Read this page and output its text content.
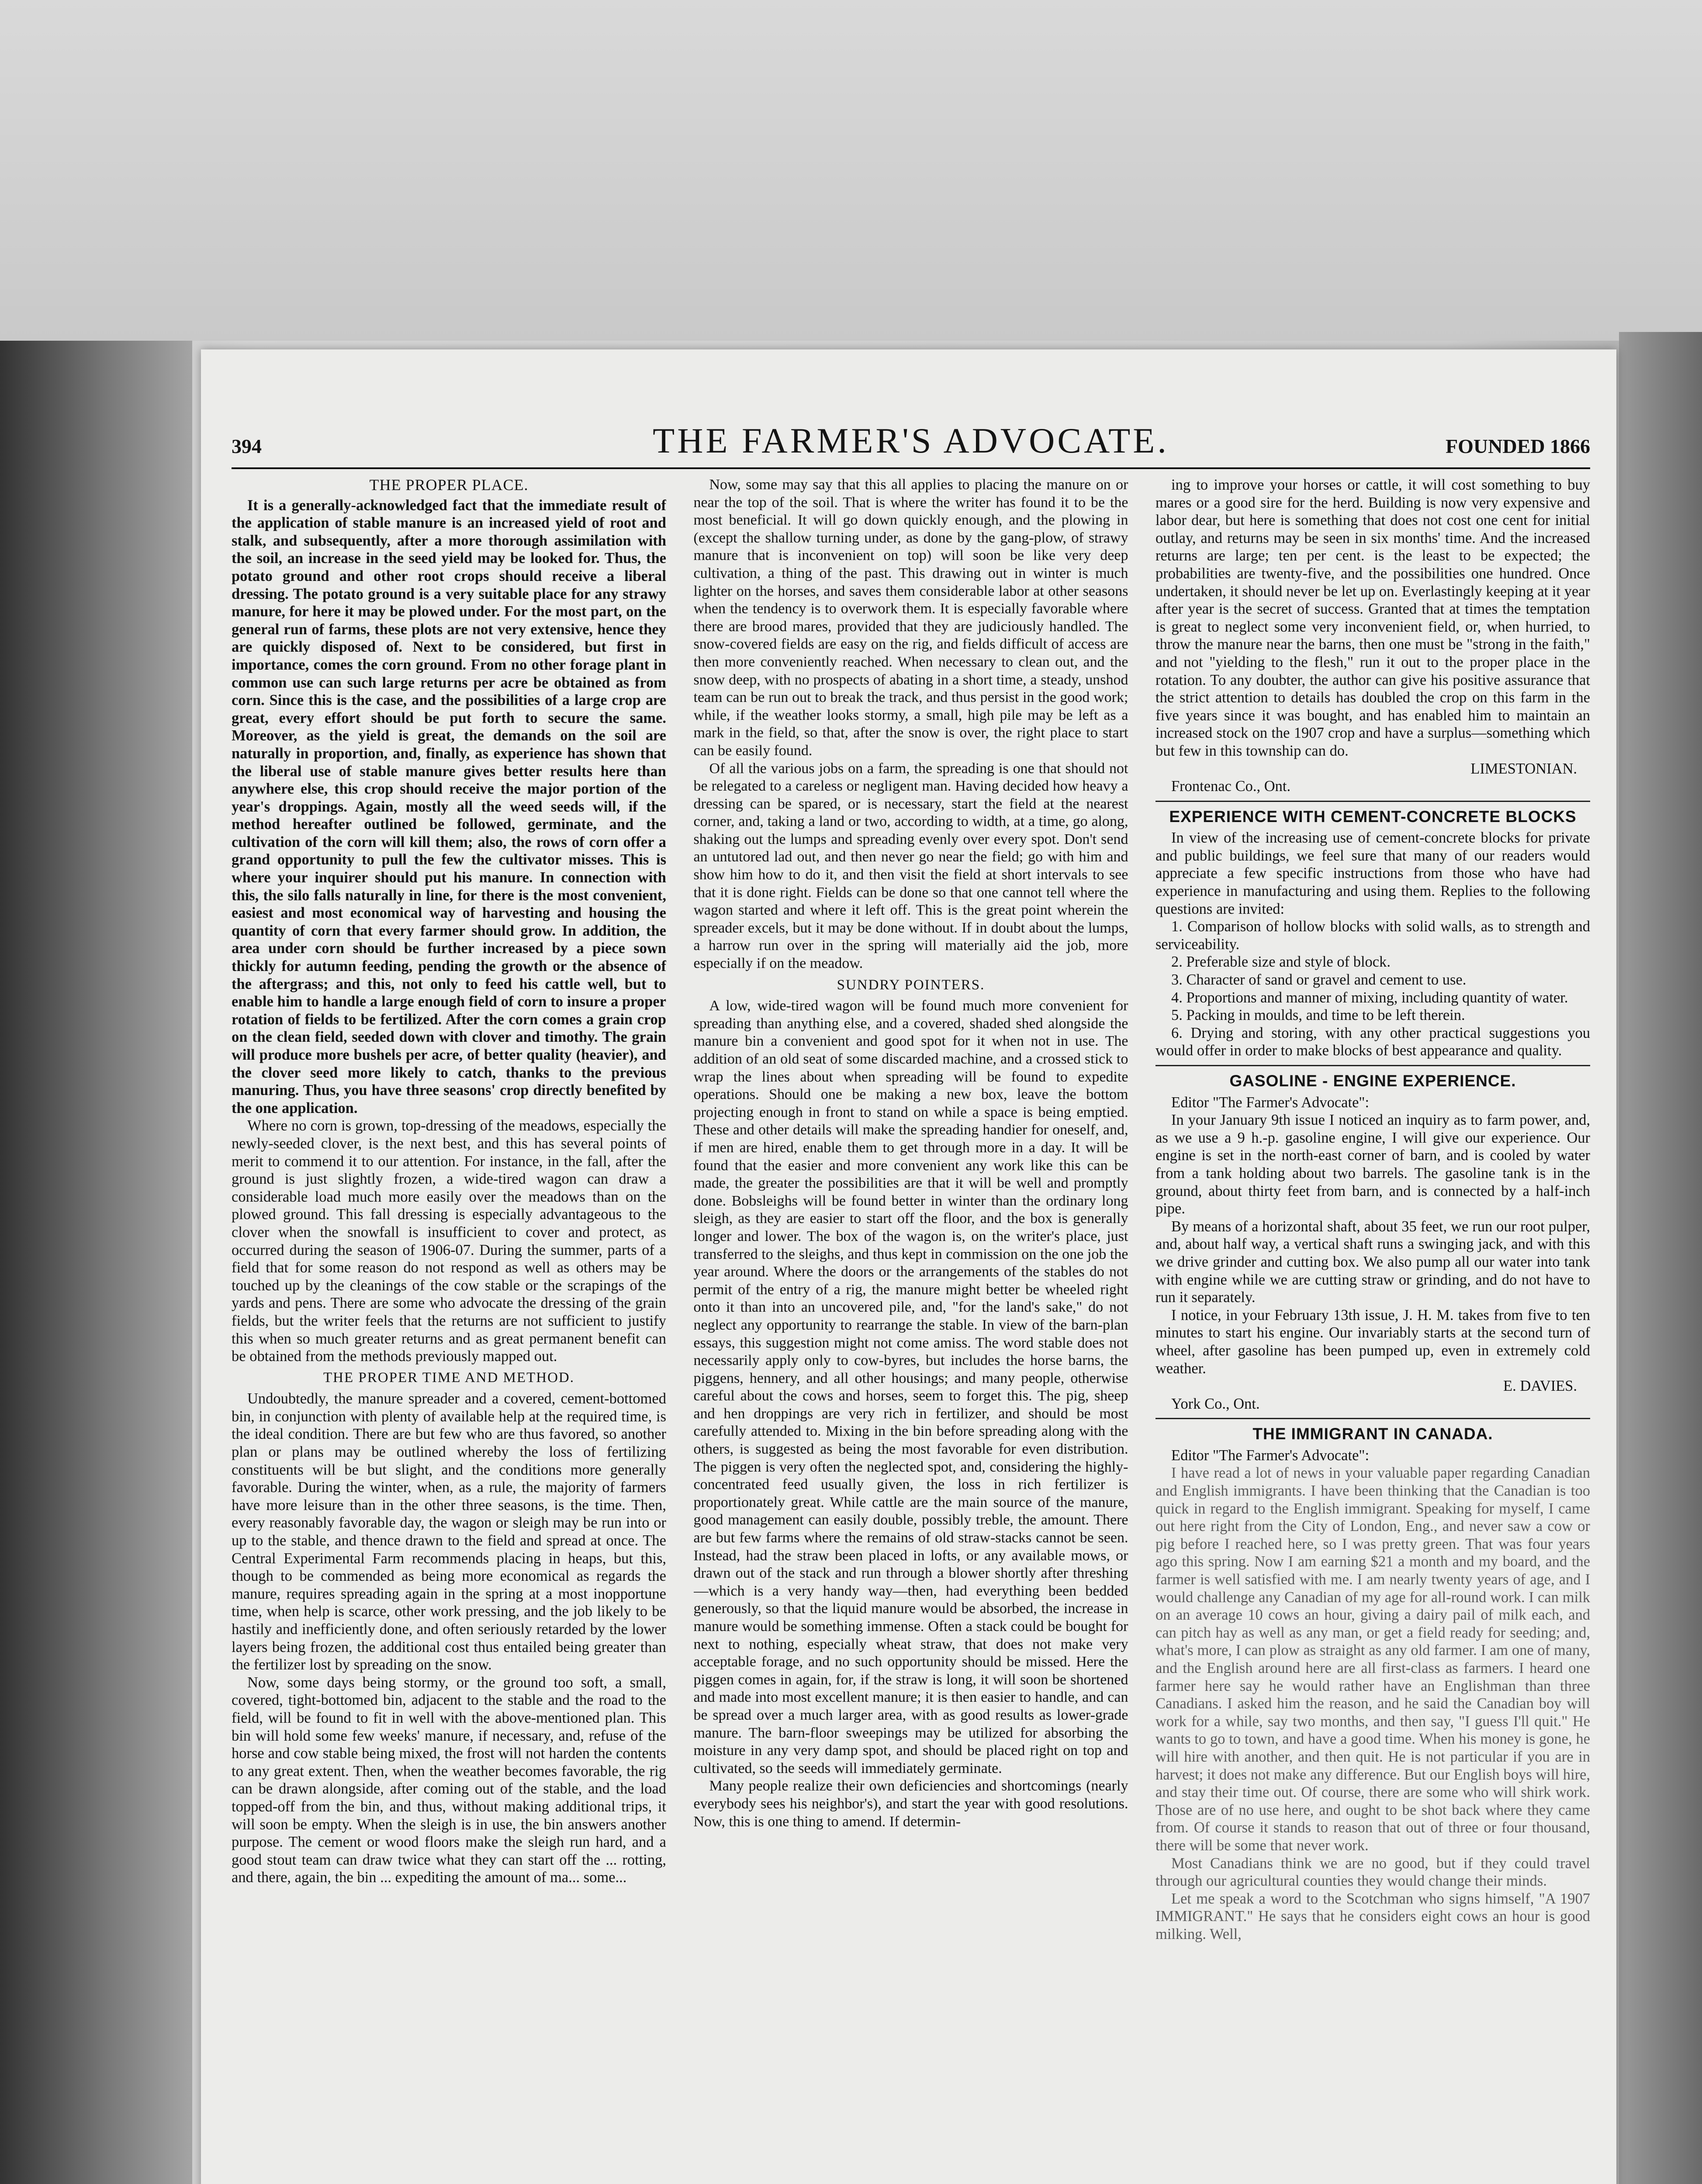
394	THE FARMER'S ADVOCATE.	FOUNDED 1866
THE PROPER PLACE.

It is a generally-acknowledged fact that the immediate result of the application of stable manure is an increased yield of root and stalk, and subsequently, after a more thorough assimilation with the soil, an increase in the seed yield may be looked for. Thus, the potato ground and other root crops should receive a liberal dressing. The potato ground is a very suitable place for any strawy manure, for here it may be plowed under. For the most part, on the general run of farms, these plots are not very extensive, hence they are quickly disposed of. Next to be considered, but first in importance, comes the corn ground. From no other forage plant in common use can such large returns per acre be obtained as from corn. Since this is the case, and the possibilities of a large crop are great, every effort should be put forth to secure the same. Moreover, as the yield is great, the demands on the soil are naturally in proportion, and, finally, as experience has shown that the liberal use of stable manure gives better results here than anywhere else, this crop should receive the major portion of the year's droppings. Again, mostly all the weed seeds will, if the method hereafter outlined be followed, germinate, and the cultivation of the corn will kill them; also, the rows of corn offer a grand opportunity to pull the few the cultivator misses. This is where your inquirer should put his manure. In connection with this, the silo falls naturally in line, for there is the most convenient, easiest and most economical way of harvesting and housing the quantity of corn that every farmer should grow. In addition, the area under corn should be further increased by a piece sown thickly for autumn feeding, pending the growth or the absence of the aftergrass; and this, not only to feed his cattle well, but to enable him to handle a large enough field of corn to insure a proper rotation of fields to be fertilized. After the corn comes a grain crop on the clean field, seeded down with clover and timothy. The grain will produce more bushels per acre, of better quality (heavier), and the clover seed more likely to catch, thanks to the previous manuring. Thus, you have three seasons' crop directly benefited by the one application.

Where no corn is grown, top-dressing of the meadows, especially the newly-seeded clover, is the next best, and this has several points of merit to commend it to our attention. For instance, in the fall, after the ground is just slightly frozen, a wide-tired wagon can draw a considerable load much more easily over the meadows than on the plowed ground. This fall dressing is especially advantageous to the clover when the snowfall is insufficient to cover and protect, as occurred during the season of 1906-07. During the summer, parts of a field that for some reason do not respond as well as others may be touched up by the cleanings of the cow stable or the scrapings of the yards and pens. There are some who advocate the dressing of the grain fields, but the writer feels that the returns are not sufficient to justify this when so much greater returns and as great permanent benefit can be obtained from the methods previously mapped out.

THE PROPER TIME AND METHOD.

Undoubtedly, the manure spreader and a covered, cement-bottomed bin, in conjunction with plenty of available help at the required time, is the ideal condition. There are but few who are thus favored, so another plan or plans may be outlined whereby the loss of fertilizing constituents will be but slight, and the conditions more generally favorable. During the winter, when, as a rule, the majority of farmers have more leisure than in the other three seasons, is the time. Then, every reasonably favorable day, the wagon or sleigh may be run into or up to the stable, and thence drawn to the field and spread at once. The Central Experimental Farm recommends placing in heaps, but this, though to be commended as being more economical as regards the manure, requires spreading again in the spring at a most inopportune time, when help is scarce, other work pressing, and the job likely to be hastily and inefficiently done, and often seriously retarded by the lower layers being frozen, the additional cost thus entailed being greater than the fertilizer lost by spreading on the snow.

Now, some days being stormy, or the ground too soft, a small, covered, tight-bottomed bin, adjacent to the stable and the road to the field, will be found to fit in well with the above-mentioned plan. This bin will hold some few weeks' manure, if necessary, and, refuse of the horse and cow stable being mixed, the frost will not harden the contents to any great extent. Then, when the weather becomes favorable, the rig can be drawn alongside, after coming out of the stable, and the load topped-off from the bin, and thus, without making additional trips, it will soon be empty. When the sleigh is in use, the bin answers another purpose. The cement or wood floors make the sleigh run hard, and a good stout team can draw twice what they can start off the ... rotting, and there, again, the bin ... expediting the amount of ma... some...

Now, some may say that this all applies to placing the manure on or near the top of the soil. That is where the writer has found it to be the most beneficial. It will go down quickly enough, and the plowing in (except the shallow turning under, as done by the gang-plow, of strawy manure that is inconvenient on top) will soon be like very deep cultivation, a thing of the past. This drawing out in winter is much lighter on the horses, and saves them considerable labor at other seasons when the tendency is to overwork them. It is especially favorable where there are brood mares, provided that they are judiciously handled. The snow-covered fields are easy on the rig, and fields difficult of access are then more conveniently reached. When necessary to clean out, and the snow deep, with no prospects of abating in a short time, a steady, unshod team can be run out to break the track, and thus persist in the good work; while, if the weather looks stormy, a small, high pile may be left as a mark in the field, so that, after the snow is over, the right place to start can be easily found.

Of all the various jobs on a farm, the spreading is one that should not be relegated to a careless or negligent man. Having decided how heavy a dressing can be spared, or is necessary, start the field at the nearest corner, and, taking a land or two, according to width, at a time, go along, shaking out the lumps and spreading evenly over every spot. Don't send an untutored lad out, and then never go near the field; go with him and show him how to do it, and then visit the field at short intervals to see that it is done right. Fields can be done so that one cannot tell where the wagon started and where it left off. This is the great point wherein the spreader excels, but it may be done without. If in doubt about the lumps, a harrow run over in the spring will materially aid the job, more especially if on the meadow.

SUNDRY POINTERS.

A low, wide-tired wagon will be found much more convenient for spreading than anything else, and a covered, shaded shed alongside the manure bin a convenient and good spot for it when not in use. The addition of an old seat of some discarded machine, and a crossed stick to wrap the lines about when spreading will be found to expedite operations. Should one be making a new box, leave the bottom projecting enough in front to stand on while a space is being emptied. These and other details will make the spreading handier for oneself, and, if men are hired, enable them to get through more in a day. It will be found that the easier and more convenient any work like this can be made, the greater the possibilities are that it will be well and promptly done. Bobsleighs will be found better in winter than the ordinary long sleigh, as they are easier to start off the floor, and the box is generally longer and lower. The box of the wagon is, on the writer's place, just transferred to the sleighs, and thus kept in commission on the one job the year around. Where the doors or the arrangements of the stables do not permit of the entry of a rig, the manure might better be wheeled right onto it than into an uncovered pile, and, "for the land's sake," do not neglect any opportunity to rearrange the stable. In view of the barn-plan essays, this suggestion might not come amiss. The word stable does not necessarily apply only to cow-byres, but includes the horse barns, the piggens, hennery, and all other housings; and many people, otherwise careful about the cows and horses, seem to forget this. The pig, sheep and hen droppings are very rich in fertilizer, and should be most carefully attended to. Mixing in the bin before spreading along with the others, is suggested as being the most favorable for even distribution. The piggen is very often the neglected spot, and, considering the highly-concentrated feed usually given, the loss in rich fertilizer is proportionately great. While cattle are the main source of the manure, good management can easily double, possibly treble, the amount. There are but few farms where the remains of old straw-stacks cannot be seen. Instead, had the straw been placed in lofts, or any available mows, or drawn out of the stack and run through a blower shortly after threshing—which is a very handy way—then, had everything been bedded generously, so that the liquid manure would be absorbed, the increase in manure would be something immense. Often a stack could be bought for next to nothing, especially wheat straw, that does not make very acceptable forage, and no such opportunity should be missed. Here the piggen comes in again, for, if the straw is long, it will soon be shortened and made into most excellent manure; it is then easier to handle, and can be spread over a much larger area, with as good results as lower-grade manure. The barn-floor sweepings may be utilized for absorbing the moisture in any very damp spot, and should be placed right on top and cultivated, so the seeds will immediately germinate.

Many people realize their own deficiencies and shortcomings (nearly everybody sees his neighbor's), and start the year with good resolutions. Now, this is one thing to amend. If determin-

ing to improve your horses or cattle, it will cost something to buy mares or a good sire for the herd. Building is now very expensive and labor dear, but here is something that does not cost one cent for initial outlay, and returns may be seen in six months' time. And the increased returns are large; ten per cent. is the least to be expected; the probabilities are twenty-five, and the possibilities one hundred. Once undertaken, it should never be let up on. Everlastingly keeping at it year after year is the secret of success. Granted that at times the temptation is great to neglect some very inconvenient field, or, when hurried, to throw the manure near the barns, then one must be "strong in the faith," and not "yielding to the flesh," run it out to the proper place in the rotation. To any doubter, the author can give his positive assurance that the strict attention to details has doubled the crop on this farm in the five years since it was bought, and has enabled him to maintain an increased stock on the 1907 crop and have a surplus—something which but few in this township can do.

LIMESTONIAN.

Frontenac Co., Ont.

EXPERIENCE WITH CEMENT-CONCRETE BLOCKS

In view of the increasing use of cement-concrete blocks for private and public buildings, we feel sure that many of our readers would appreciate a few specific instructions from those who have had experience in manufacturing and using them. Replies to the following questions are invited:

1. Comparison of hollow blocks with solid walls, as to strength and serviceability.

2. Preferable size and style of block.

3. Character of sand or gravel and cement to use.

4. Proportions and manner of mixing, including quantity of water.

5. Packing in moulds, and time to be left therein.

6. Drying and storing, with any other practical suggestions you would offer in order to make blocks of best appearance and quality.

GASOLINE - ENGINE EXPERIENCE.

Editor "The Farmer's Advocate":

In your January 9th issue I noticed an inquiry as to farm power, and, as we use a 9 h.-p. gasoline engine, I will give our experience. Our engine is set in the north-east corner of barn, and is cooled by water from a tank holding about two barrels. The gasoline tank is in the ground, about thirty feet from barn, and is connected by a half-inch pipe.

By means of a horizontal shaft, about 35 feet, we run our root pulper, and, about half way, a vertical shaft runs a swinging jack, and with this we drive grinder and cutting box. We also pump all our water into tank with engine while we are cutting straw or grinding, and do not have to run it separately.

I notice, in your February 13th issue, J. H. M. takes from five to ten minutes to start his engine. Our invariably starts at the second turn of wheel, after gasoline has been pumped up, even in extremely cold weather.

E. DAVIES.

York Co., Ont.

THE IMMIGRANT IN CANADA.

Editor "The Farmer's Advocate":

I have read a lot of news in your valuable paper regarding Canadian and English immigrants. I have been thinking that the Canadian is too quick in regard to the English immigrant. Speaking for myself, I came out here right from the City of London, Eng., and never saw a cow or pig before I reached here, so I was pretty green. That was four years ago this spring. Now I am earning $21 a month and my board, and the farmer is well satisfied with me. I am nearly twenty years of age, and I would challenge any Canadian of my age for all-round work. I can milk on an average 10 cows an hour, giving a dairy pail of milk each, and can pitch hay as well as any man, or get a field ready for seeding; and, what's more, I can plow as straight as any old farmer. I am one of many, and the English around here are all first-class as farmers. I heard one farmer here say he would rather have an Englishman than three Canadians. I asked him the reason, and he said the Canadian boy will work for a while, say two months, and then say, "I guess I'll quit." He wants to go to town, and have a good time. When his money is gone, he will hire with another, and then quit. He is not particular if you are in harvest; it does not make any difference. But our English boys will hire, and stay their time out. Of course, there are some who will shirk work. Those are of no use here, and ought to be shot back where they came from. Of course it stands to reason that out of three or four thousand, there will be some that never work.

Most Canadians think we are no good, but if they could travel through our agricultural counties they would change their minds.

Let me speak a word to the Scotchman who signs himself, "A 1907 IMMIGRANT." He says that he considers eight cows an hour is good milking. Well,
